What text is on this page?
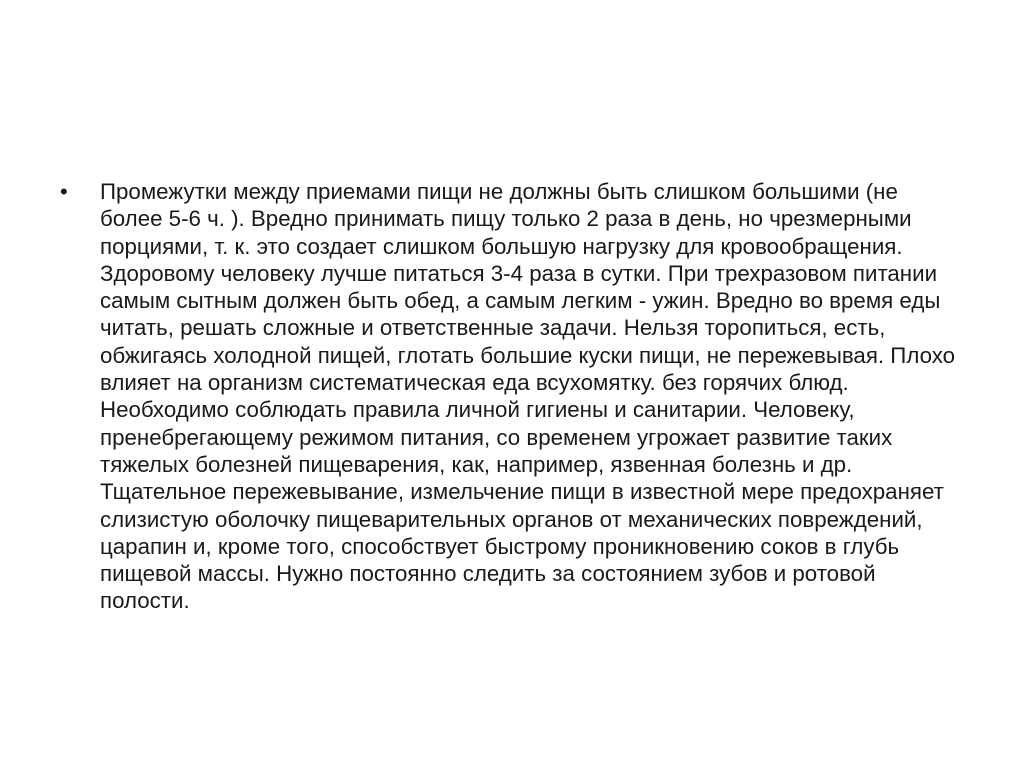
•	Промежутки между приемами пищи не должны быть слишком большими (не более 5-6 ч. ). Вредно принимать пищу только 2 раза в день, но чрезмерными порциями, т. к. это создает слишком большую нагрузку для кровообращения. Здоровому человеку лучше питаться 3-4 раза в сутки. При трехразовом питании самым сытным должен быть обед, а самым легким - ужин. Вредно во время еды читать, решать сложные и ответственные задачи. Нельзя торопиться, есть, обжигаясь холодной пищей, глотать большие куски пищи, не пережевывая. Плохо влияет на организм систематическая еда всухомятку. без горячих блюд. Необходимо соблюдать правила личной гигиены и санитарии. Человеку, пренебрегающему режимом питания, со временем угрожает развитие таких тяжелых болезней пищеварения, как, например, язвенная болезнь и др. Тщательное пережевывание, измельчение пищи в известной мере предохраняет слизистую оболочку пищеварительных органов от механических повреждений, царапин и, кроме того, способствует быстрому проникновению соков в глубь пищевой массы. Нужно постоянно следить за состоянием зубов и ротовой полости.
